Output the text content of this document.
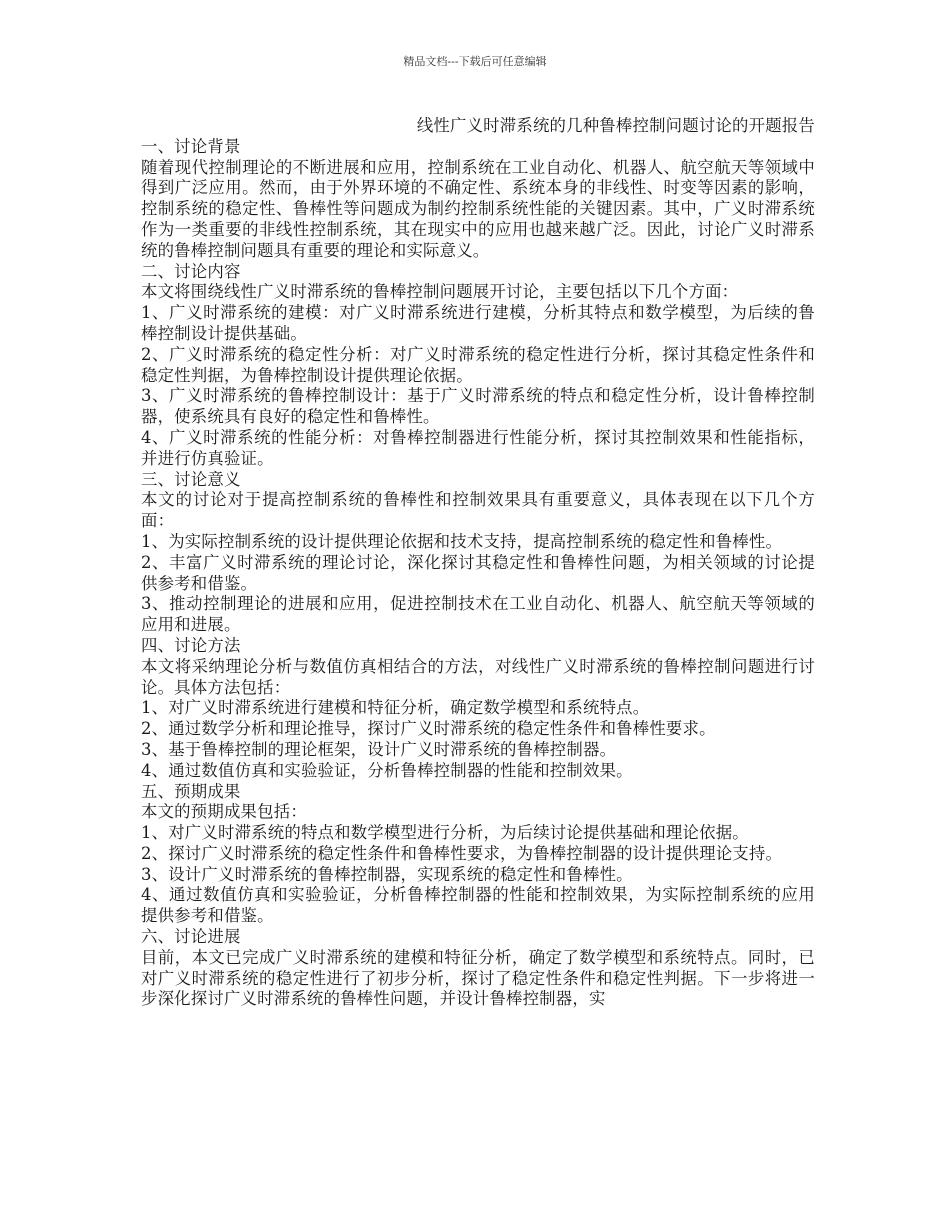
精品文档---下载后可任意编辑
线性广义时滞系统的几种鲁棒控制问题讨论的开题报告
一、讨论背景

随着现代控制理论的不断进展和应用，控制系统在工业自动化、机器人、航空航天等领域中得到广泛应用。然而，由于外界环境的不确定性、系统本身的非线性、时变等因素的影响，控制系统的稳定性、鲁棒性等问题成为制约控制系统性能的关键因素。其中，广义时滞系统作为一类重要的非线性控制系统，其在现实中的应用也越来越广泛。因此，讨论广义时滞系统的鲁棒控制问题具有重要的理论和实际意义。

二、讨论内容

本文将围绕线性广义时滞系统的鲁棒控制问题展开讨论，主要包括以下几个方面：

1、广义时滞系统的建模：对广义时滞系统进行建模，分析其特点和数学模型，为后续的鲁棒控制设计提供基础。

2、广义时滞系统的稳定性分析：对广义时滞系统的稳定性进行分析，探讨其稳定性条件和稳定性判据，为鲁棒控制设计提供理论依据。

3、广义时滞系统的鲁棒控制设计：基于广义时滞系统的特点和稳定性分析，设计鲁棒控制器，使系统具有良好的稳定性和鲁棒性。

4、广义时滞系统的性能分析：对鲁棒控制器进行性能分析，探讨其控制效果和性能指标，并进行仿真验证。

三、讨论意义

本文的讨论对于提高控制系统的鲁棒性和控制效果具有重要意义，具体表现在以下几个方面：

1、为实际控制系统的设计提供理论依据和技术支持，提高控制系统的稳定性和鲁棒性。

2、丰富广义时滞系统的理论讨论，深化探讨其稳定性和鲁棒性问题，为相关领域的讨论提供参考和借鉴。

3、推动控制理论的进展和应用，促进控制技术在工业自动化、机器人、航空航天等领域的应用和进展。

四、讨论方法

本文将采纳理论分析与数值仿真相结合的方法，对线性广义时滞系统的鲁棒控制问题进行讨论。具体方法包括：

1、对广义时滞系统进行建模和特征分析，确定数学模型和系统特点。

2、通过数学分析和理论推导，探讨广义时滞系统的稳定性条件和鲁棒性要求。

3、基于鲁棒控制的理论框架，设计广义时滞系统的鲁棒控制器。

4、通过数值仿真和实验验证，分析鲁棒控制器的性能和控制效果。

五、预期成果

本文的预期成果包括：

1、对广义时滞系统的特点和数学模型进行分析，为后续讨论提供基础和理论依据。

2、探讨广义时滞系统的稳定性条件和鲁棒性要求，为鲁棒控制器的设计提供理论支持。

3、设计广义时滞系统的鲁棒控制器，实现系统的稳定性和鲁棒性。

4、通过数值仿真和实验验证，分析鲁棒控制器的性能和控制效果，为实际控制系统的应用提供参考和借鉴。

六、讨论进展

目前，本文已完成广义时滞系统的建模和特征分析，确定了数学模型和系统特点。同时，已对广义时滞系统的稳定性进行了初步分析，探讨了稳定性条件和稳定性判据。下一步将进一步深化探讨广义时滞系统的鲁棒性问题，并设计鲁棒控制器，实
